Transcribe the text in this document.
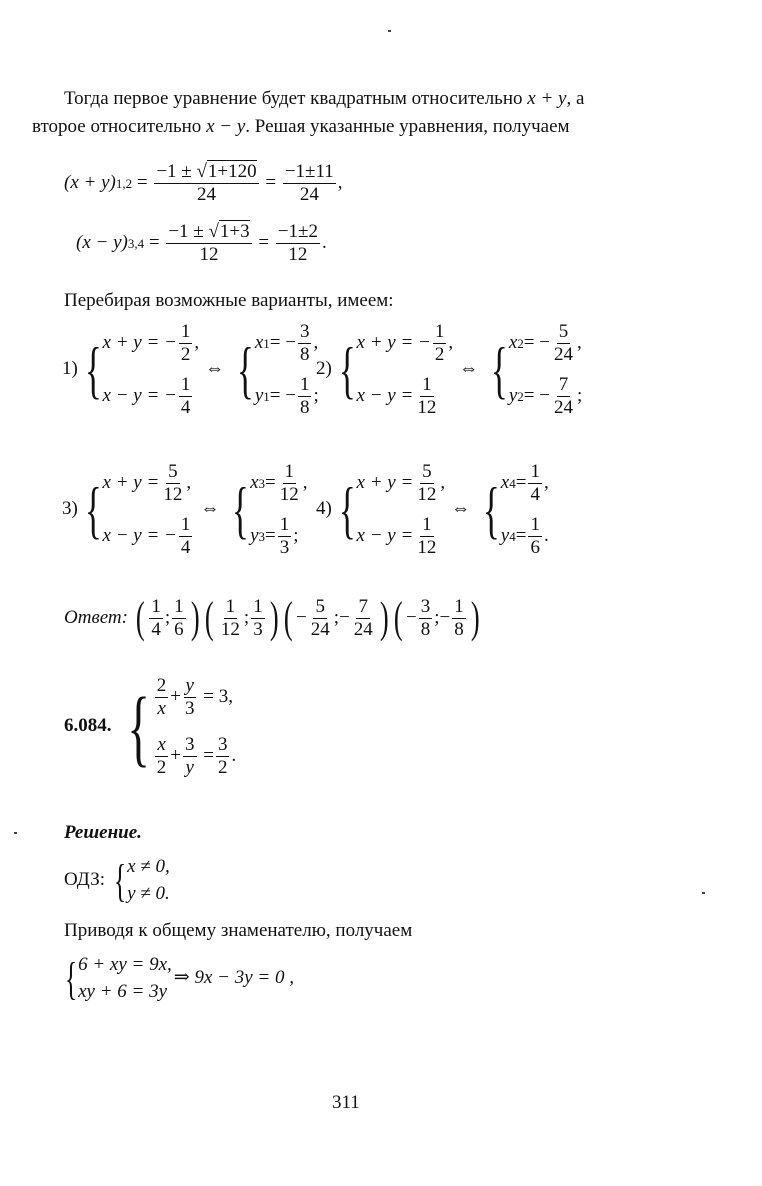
Тогда первое уравнение будет квадратным относительно x + y, а
второе относительно x − y. Решая указанные уравнения, получаем
(x + y) $1,2 = \frac{-1 \pm √1+120}{24} = \frac{-1\pm 11}{24}$ ,
(x − y) $3,4 = \frac{-1 \pm √1+3}{12} = \frac{-1\pm 2}{12}$ .
Перебирая возможные варианты, имеем:
1) { x + y = − $\frac{1}{2}$ ,
x − y = − $\frac{1}{4}$
⇔ { x 1 = − $\frac{3}{8}$ ,
y 1 = − $\frac{1}{8}$ ;
2) { x + y = − $\frac{1}{2}$ ,
$x - y = \frac{1}{12}$
⇔ { x 2 = − $\frac{5}{24}$ ,
y 2 = − $\frac{7}{24}$ ;
3) { $x + y = \frac{5}{12}$ ,
x − y = − $\frac{1}{4}$
⇔ { x $3 = \frac{1}{12}$ ,
y $3 = \frac{1}{3}$ ;
4) { $x + y = \frac{5}{12}$ ,
$x - y = \frac{1}{12}$
⇔ { x $4 = \frac{1}{4}$ ,
y $4 = \frac{1}{6}$ .
Ответ:
( $\frac{1}{4}$ ; $\frac{1}{6}$ ) ( $\frac{1}{12}$ ; $\frac{1}{3}$ ) ( − $\frac{5}{24}$ ; − $\frac{7}{24}$ ) ( − $\frac{3}{8}$ ; − $\frac{1}{8}$ )
6.084. { $\frac{2}{x} + \frac{y}{3}$
= 3,
$\frac{x}{2} + \frac{3}{y}$
= $\frac{3}{2}$ .
Решение.
ОДЗ: { x ≠ 0,
y ≠ 0.
Приводя к общему знаменателю, получаем
{ 6 + xy = 9x,
xy + 6 = 3y
⇒ 9x − 3y = 0 ,
311
